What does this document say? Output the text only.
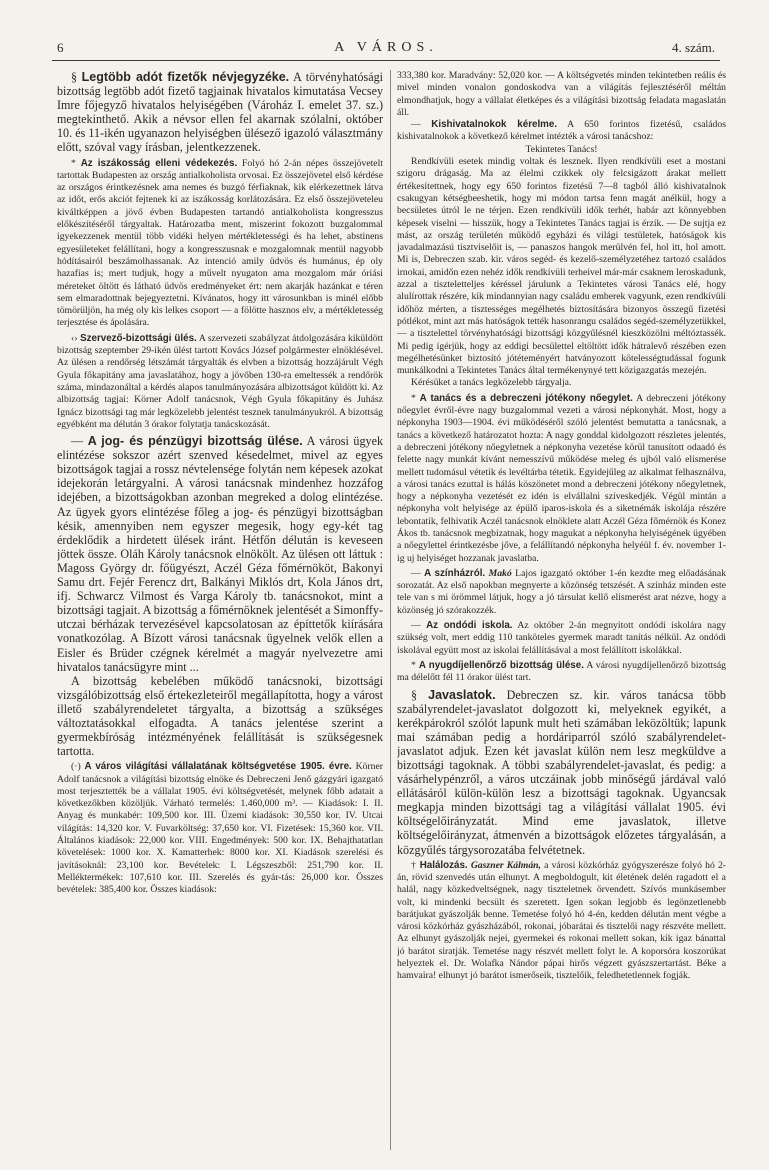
6	A VÁROS.	4. szám.

§ Legtöbb adót fizetők névjegyzéke. A törvényhatósági bizottság legtöbb adót fizető tagjainak hivatalos kimutatása Vecsey Imre főjegyző hivatalos helyiségében (Vároház I. emelet 37. sz.) megtekinthető. Akik a névsor ellen fel akarnak szólalni, október 10. és 11-ikén ugyanazon helyiségben ülésező igazoló választmány előtt, szóval vagy írásban, jelentkezzenek.

* Az iszákosság elleni védekezés. Folyó hó 2-án népes összejövetelt tartottak Budapesten az ország antialkoholista orvosai. Ez összejövetel első kérdése az országos érintkezésnek ama nemes és buzgó férfiaknak, kik elérkezettnek látva az időt, erős akciót fejtenek ki az iszákosság korlátozására. Ez első összejöveteleu kiváltképpen a jövő évben Budapesten tartandó antialkoholista kongresszus előkészítéséről tárgyaltak. Határozatba ment, miszerint fokozott buzgalommal igyekezzenek mentül több vidéki helyen mértékletességi és ha lehet, abstinens egyesületeket felállítani, hogy a kongresszusnak e mozgalomnak mentül nagyobb hódításairól beszámolhassanak. Az intenció amily üdvös és humánus, ép oly hazafias is; mert tudjuk, hogy a művelt nyugaton ama mozgalom már óriási méreteket öltött és látható üdvös eredményeket ért: nem akarják hazánkat e téren sem elmaradottnak bejegyeztetni. Kívánatos, hogy itt városunkban is minél előbb tömörüljön, ha még oly kis lelkes csoport — a fölötte hasznos elv, a mértékletesség terjesztése és ápolására.

‹› Szervező-bizottsági ülés. A szervezeti szabályzat átdolgozására kiküldött bizottság szeptember 29-ikén ülést tartott Kovács József polgármester elnöklésével. Az ülésen a rendőrség létszámát tárgyalták és elvben a bizottság hozzájárult Végh Gyula főkapitány ama javaslatához, hogy a jövőben 130-ra emeltessék a rendőrök száma, mindazonáltal a kérdés alapos tanulmányozására albizottságot küldött ki. Az albizottság tagjai: Körner Adolf tanácsnok, Végh Gyula főkapitány és Juhász Ignácz bizottsági tag már legközelebb jelentést tesznek tanulmányukról. A bizottság egyébként ma délután 3 órakor folytatja tanácskozását.

— A jog- és pénzügyi bizottság ülése. A városi ügyek elintézése sokszor azért szenved késedelmet, mivel az egyes bizottságok tagjai a rossz névtelensége folytán nem képesek azokat idejekorán letárgyalni. A városi tanácsnak mindenhez hozzáfog idejében, a bizottságokban azonban megreked a dolog elintézése. Az ügyek gyors elintézése főleg a jog- és pénzügyi bizottságban késik, amennyiben nem egyszer megesik, hogy egy-két tag érdeklődik a hirdetett ülések iránt. Hétfőn délután is keveseen jöttek össze. Oláh Károly tanácsnok elnökölt. Az ülésen ott láttuk : Magoss György dr. főügyészt, Aczél Géza főmérnököt, Bakonyi Samu drt. Fejér Ferencz drt, Balkányi Miklós drt, Kola János drt, ifj. Schwarcz Vilmost és Varga Károly tb. tanácsnokot, mint a bizottsági tagjait. A bizottság a főmérnöknek jelentését a Simonffy-utczai bérházak tervezésével kapcsolatosan az építtetők kiírására vonatkozólag. A Bízott városi tanácsnak ügyelnek velők ellen a Eisler és Brüder czégnek kérelmét a magyár nyelvezetre ami hivatalos tanácsügyre mint ...

A bizottság kebelében működő tanácsnoki, bizottsági vizsgálóbizottság első értekezleteiről megállapította, hogy a várost illető szabályrendeletet tárgyalta, a bizottság a szükséges változtatásokkal elfogadta. A tanács jelentése szerint a gyermekbíróság intézményének felállítását is szükségesnek tartotta.

(·) A város világítási vállalatának költségvetése 1905. évre. Körner Adolf tanácsnok a világítási bizottság elnöke és Debreczeni Jenő gázgyári igazgató most terjesztették be a vállalat 1905. évi költségvetését, melynek főbb adatait a következőkben közöljük. Várható termelés: 1.460,000 m³. — Kiadások: I. II. Anyag és munkabér: 109,500 kor. III. Üzemi kiadások: 30,550 kor. IV. Utcai világítás: 14,320 kor. V. Fuvarköltség: 37,650 kor. VI. Fizetések: 15,360 kor. VII. Általános kiadások: 22,000 kor. VIII. Engedmények: 500 kor. IX. Behajthatatlan követelések: 1000 kor. X. Kamatterhek: 8000 kor. XI. Kiadások szerelési és javításoknál: 23,100 kor. Bevételek: I. Légszeszből: 251,790 kor. II. Melléktermékek: 107,610 kor. III. Szerelés és gyár-tás: 26,000 kor. Összes bevételek: 385,400 kor. Összes kiadások:

333,380 kor. Maradvány: 52,020 kor. — A költségvetés minden tekintetben reális és mivel minden vonalon gondoskodva van a világítás fejlesztéséről méltán elmondhatjuk, hogy a vállalat életképes és a világítási bizottság feladata magaslatán áll.

— Kishivatalnokok kérelme. A 650 forintos fizetésű, családos kishivatalnokok a következő kérelmet intézték a városi tanácshoz:

Tekintetes Tanács!

Rendkívüli esetek mindig voltak és lesznek. Ilyen rendkívüli eset a mostani szigoru drágaság. Ma az élelmi czikkek oly felcsigázott árakat mellett értékesítettnek, hogy egy 650 forintos fizetésű 7—8 tagból álló kishivatalnok csakugyan kétségbeeshetik, hogy mi módon tartsa fenn magát anélkül, hogy a becsületes útról le ne térjen. Ezen rendkívüli idők terhét, habár azt könnyebben képesek viselni — hisszük, hogy a Tekintetes Tanács tagjai is érzik. — De sujtja ez mást, az ország területén működő egyházi és világi testületek, hatóságok kis javadalmazású tisztviselőit is, — panaszos hangok merülvén fel, hol itt, hol amott. Mi is, Debreczen szab. kir. város segéd- és kezelő-személyzetéhez tartozó családos irnokai, amidőn ezen nehéz idők rendkívüli terheivel már-már csaknem leroskadunk, azzal a tiszteletteljes kéréssel járulunk a Tekintetes városi Tanács elé, hogy alulírottak részére, kik mindannyian nagy családu emberek vagyunk, ezen rendkívüli időhöz mérten, a tisztességes megélhetés biztosítására bizonyos összegű fizetési pótlékot, mint azt más hatóságok tették hasonrangu családos segéd-személyzetükkel, — a tisztelettel törvényhatósági bizottsági közgyűlésnél kieszközölni méltóztassék. Mi pedig ígérjük, hogy az eddigi becsülettel eltöltött idők hátralevő részében ezen megélhetésünket biztosító jótéteményért hatványozott kötelességtudással fogunk munkálkodni a Tekintetes Tanács által termékenynyé tett közigazgatás mezején.

Kérésüket a tanács legközelebb tárgyalja.

* A tanács és a debreczeni jótékony nőegylet. A debreczeni jótékony nőegylet évről-évre nagy buzgalommal vezeti a városi népkonyhát. Most, hogy a népkonyha 1903—1904. évi működéséről szóló jelentést bemutatta a tanácsnak, a tanács a következő határozatot hozta: A nagy gonddal kidolgozott részletes jelentés, a debreczeni jótékony nőegyletnek a népkonyha vezetése körül tanusított odaadó és felette nagy munkát kívánt nemesszívű működése meleg és ujból való elismerése mellett tudomásul vétetik és levéltárba tétetik. Egyidejűleg az alkalmat felhasználva, a városi tanács ezuttal is hálás köszönetet mond a debreczeni jótékony nőegyletnek, hogy a népkonyha vezetését ez idén is elvállalni szíveskedjék. Végül mintán a népkonyha volt helyisége az épülő iparos-iskola és a siketnémák iskolája részére lebontatik, felhivatik Aczél tanácsnok elnöklete alatt Aczél Géza főmérnök és Konez Ákos tb. tanácsnok megbizatnak, hogy magukat a népkonyha helyiségének ügyében a nőegylettel érintkezésbe jőve, a felállítandó népkonyha helyéül f. év. november 1-ig uj helyiséget hozzanak javaslatba.

— A színházról. Makó Lajos igazgató október 1-én kezdte meg előadásának sorozatát. Az első napokban megnyerte a közönség tetszését. A színház minden este tele van s mi örömmel látjuk, hogy a jó társulat kellő elismerést arat nézve, hogy a közönség jó szórakozzék.

— Az ondódi iskola. Az október 2-án megnyitott ondódi iskolára nagy szükség volt, mert eddig 110 tanköteles gyermek maradt tanítás nélkül. Az ondódi iskolával együtt most az iskolai felállításával a most felállított iskolákkal.

* A nyugdíjellenőrző bizottság ülése. A városi nyugdíjellenőrző bizottság ma délelőtt fél 11 órakor ülést tart.

§ Javaslatok. Debreczen sz. kir. város tanácsa több szabályrendelet-javaslatot dolgozott ki, melyeknek egyikét, a kerékpárokról szólót lapunk mult heti számában leközöltük; lapunk mai számában pedig a hordáriparról szóló szabályrendelet-javaslatot adjuk. Ezen két javaslat külön nem lesz megküldve a bizottsági tagoknak. A többi szabályrendelet-javaslat, és pedig: a vásárhelypénzről, a város utczáinak jobb minőségű járdával való ellátásáról külön-külön lesz a bizottsági tagoknak. Ugyancsak megkapja minden bizottsági tag a világítási vállalat 1905. évi költségelőirányzatát. Mind eme javaslatok, illetve költségelőirányzat, átmenvén a bizottságok előzetes tárgyalásán, a közgyűlés tárgysorozatába felvétetnek.

† Halálozás. Gaszner Kálmán, a városi közkórház gyógyszerésze folyó hó 2-án, rövid szenvedés után elhunyt. A megboldogult, kit életének delén ragadott el a halál, nagy közkedveltségnek, nagy tiszteletnek örvendett. Szívós munkásember volt, ki mindenki becsült és szeretett. Igen sokan legjobb és legönzetlenebb barátjukat gyászolják benne. Temetése folyó hó 4-én, kedden délután ment végbe a városi közkórház gyászházából, rokonai, jóbarátai és tisztelői nagy részvéte mellett. Az elhunyt gyászolják nejei, gyermekei és rokonai mellett sokan, kik igaz bánattal jó barátot siratják. Temetése nagy részvét mellett folyt le. A koporsóra koszorúkat helyeztek el. Dr. Wolafka Nándor pápai hirős végzett gyászszertartást. Béke a hamvaira! elhunyt jó barátot ismerőseik, tisztelőik, feledhetetlennek fogják.
